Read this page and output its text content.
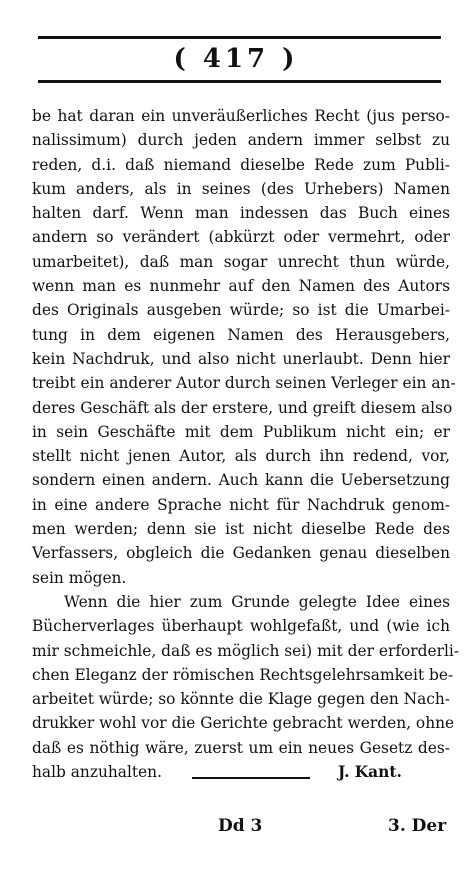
( 417 )
be hat daran ein unveräußerliches Recht (jus perso-
nalissimum) durch jeden andern immer selbst zu
reden, d.i. daß niemand dieselbe Rede zum Publi-
kum anders, als in seines (des Urhebers) Namen
halten darf. Wenn man indessen das Buch eines
andern so verändert (abkürzt oder vermehrt, oder
umarbeitet), daß man sogar unrecht thun würde,
wenn man es nunmehr auf den Namen des Autors
des Originals ausgeben würde; so ist die Umarbei-
tung in dem eigenen Namen des Herausgebers,
kein Nachdruk, und also nicht unerlaubt. Denn hier
treibt ein anderer Autor durch seinen Verleger ein an-
deres Geschäft als der erstere, und greift diesem also
in sein Geschäfte mit dem Publikum nicht ein; er
stellt nicht jenen Autor, als durch ihn redend, vor,
sondern einen andern. Auch kann die Uebersetzung
in eine andere Sprache nicht für Nachdruk genom-
men werden; denn sie ist nicht dieselbe Rede des
Verfassers, obgleich die Gedanken genau dieselben
sein mögen.
Wenn die hier zum Grunde gelegte Idee eines
Bücherverlages überhaupt wohlgefaßt, und (wie ich
mir schmeichle, daß es möglich sei) mit der erforderli-
chen Eleganz der römischen Rechtsgelehrsamkeit be-
arbeitet würde; so könnte die Klage gegen den Nach-
drukker wohl vor die Gerichte gebracht werden, ohne
daß es nöthig wäre, zuerst um ein neues Gesetz des-
halb anzuhalten.	J. Kant.
Dd 3	3. Der
